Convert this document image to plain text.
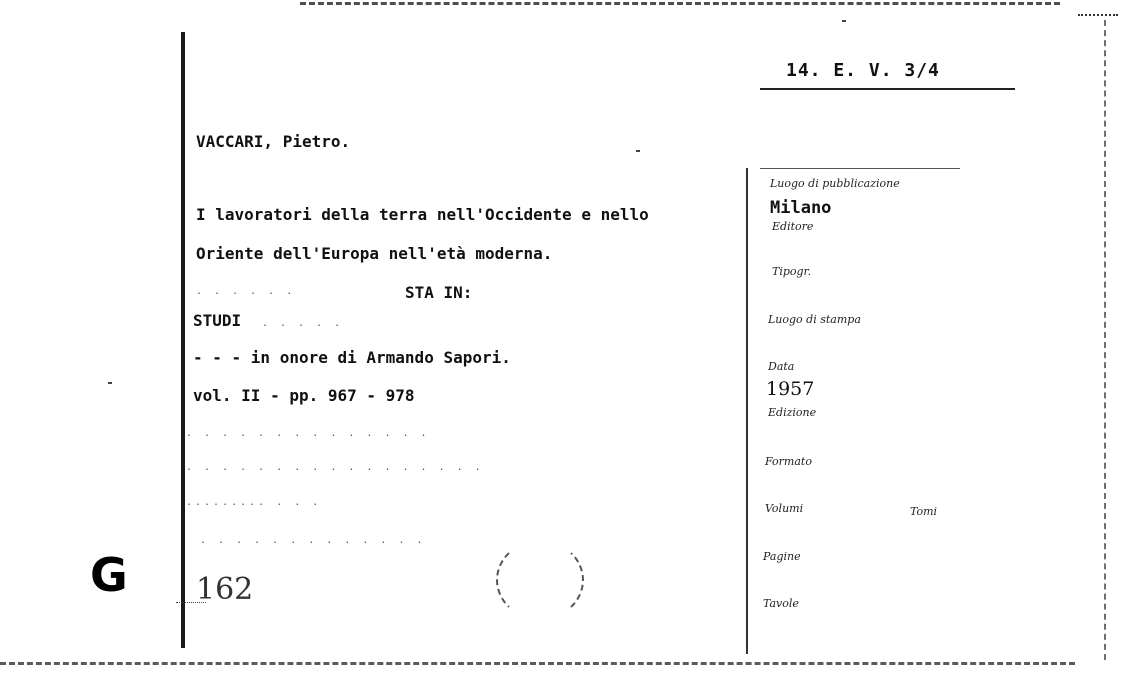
14. E. V. 3/4
VACCARI, Pietro.
I lavoratori della terra nell'Occidente e nello
Oriente dell'Europa nell'età moderna.
. . . . . .	STA IN:
STUDI . . . . .
- - - in onore di Armando Sapori.
vol. II - pp. 967 - 978
. . . . . . . . . . . . . .
. . . . . . . . . . . . . . . . .
......... . . .
. . . . . . . . . . . . .
Luogo di pubblicazione
Milano
Editore
Tipogr.
Luogo di stampa
Data
1957
Edizione
Formato
Volumi	Tomi
Pagine
Tavole
G 162
